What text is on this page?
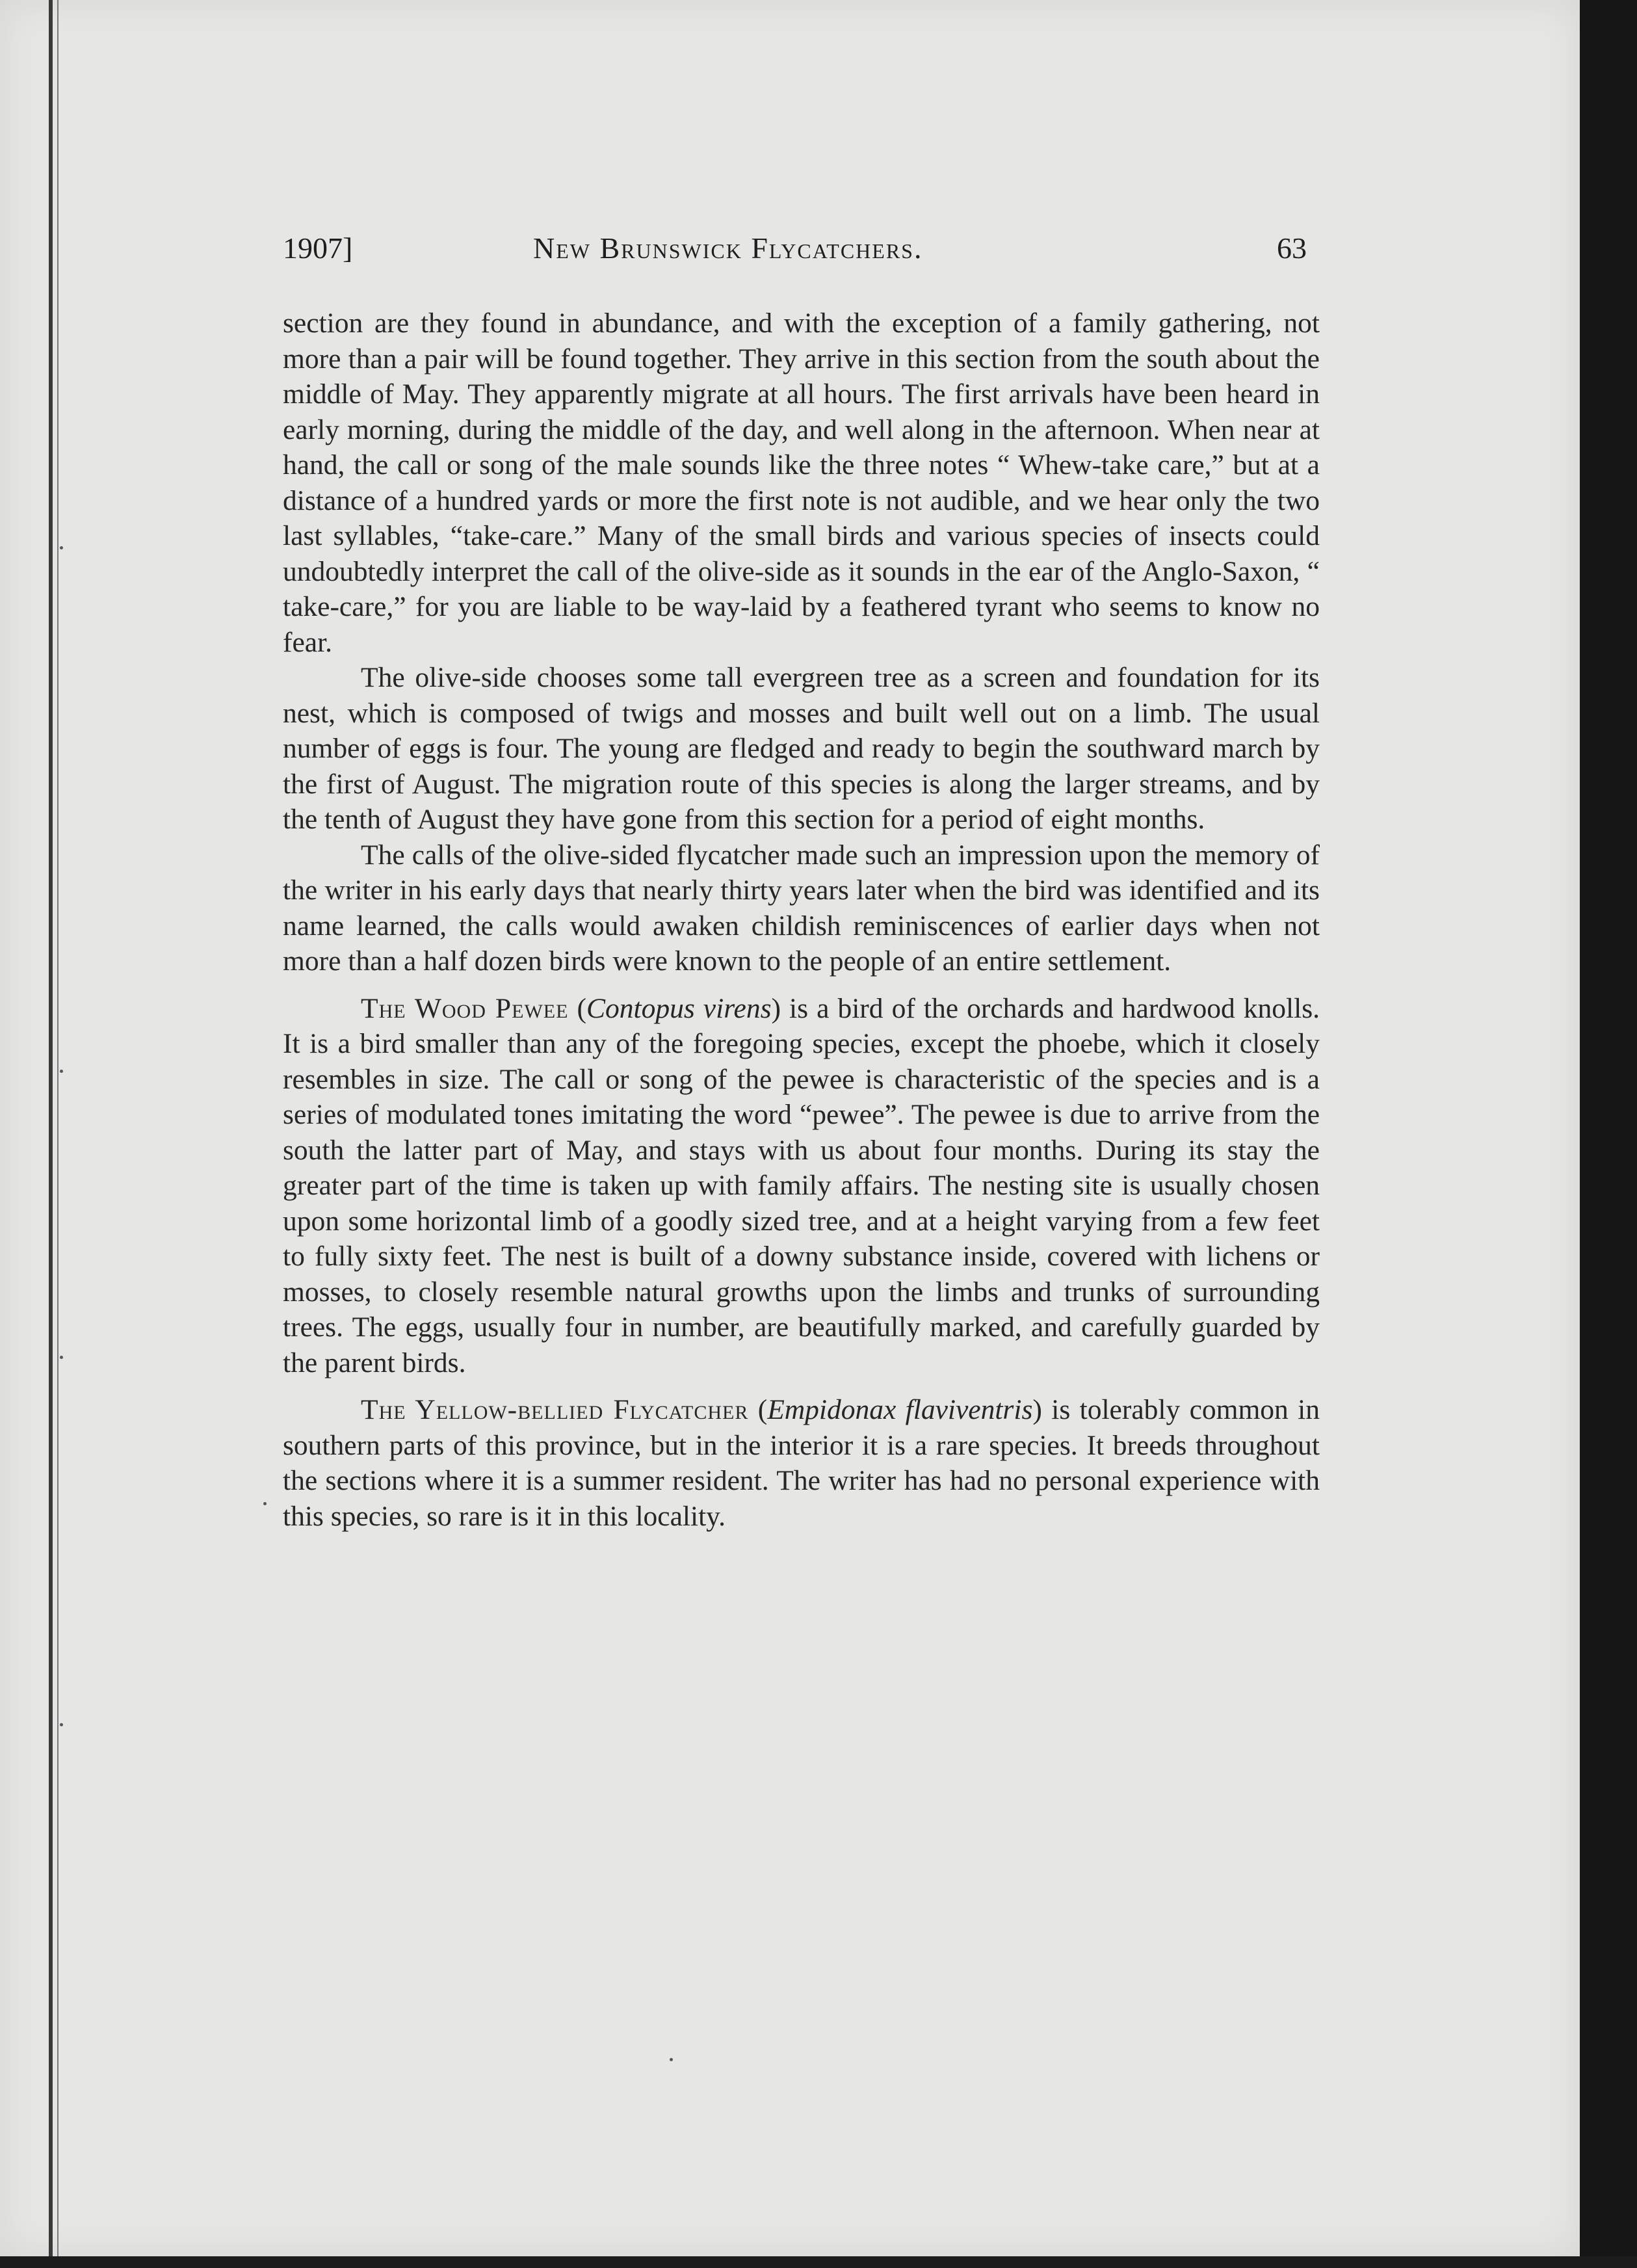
1907]	New Brunswick Flycatchers.	63

section are they found in abundance, and with the exception of a family gathering, not more than a pair will be found together. They arrive in this section from the south about the middle of May. They apparently migrate at all hours. The first arrivals have been heard in early morning, during the middle of the day, and well along in the afternoon. When near at hand, the call or song of the male sounds like the three notes “ Whew-take care,” but at a distance of a hundred yards or more the first note is not audible, and we hear only the two last syllables, “take-care.” Many of the small birds and various species of insects could undoubtedly interpret the call of the olive-side as it sounds in the ear of the Anglo-Saxon, “ take-care,” for you are liable to be way-laid by a feathered tyrant who seems to know no fear.

The olive-side chooses some tall evergreen tree as a screen and foundation for its nest, which is composed of twigs and mosses and built well out on a limb. The usual number of eggs is four. The young are fledged and ready to begin the southward march by the first of August. The migration route of this species is along the larger streams, and by the tenth of August they have gone from this section for a period of eight months.

The calls of the olive-sided flycatcher made such an impression upon the memory of the writer in his early days that nearly thirty years later when the bird was identified and its name learned, the calls would awaken childish reminiscences of earlier days when not more than a half dozen birds were known to the people of an entire settlement.

The Wood Pewee (Contopus virens) is a bird of the orchards and hardwood knolls. It is a bird smaller than any of the foregoing species, except the phoebe, which it closely resembles in size. The call or song of the pewee is characteristic of the species and is a series of modulated tones imitating the word “pewee”. The pewee is due to arrive from the south the latter part of May, and stays with us about four months. During its stay the greater part of the time is taken up with family affairs. The nesting site is usually chosen upon some horizontal limb of a goodly sized tree, and at a height varying from a few feet to fully sixty feet. The nest is built of a downy substance inside, covered with lichens or mosses, to closely resemble natural growths upon the limbs and trunks of surrounding trees. The eggs, usually four in number, are beautifully marked, and carefully guarded by the parent birds.

The Yellow-bellied Flycatcher (Empidonax flaviventris) is tolerably common in southern parts of this province, but in the interior it is a rare species. It breeds throughout the sections where it is a summer resident. The writer has had no personal experience with this species, so rare is it in this locality.
